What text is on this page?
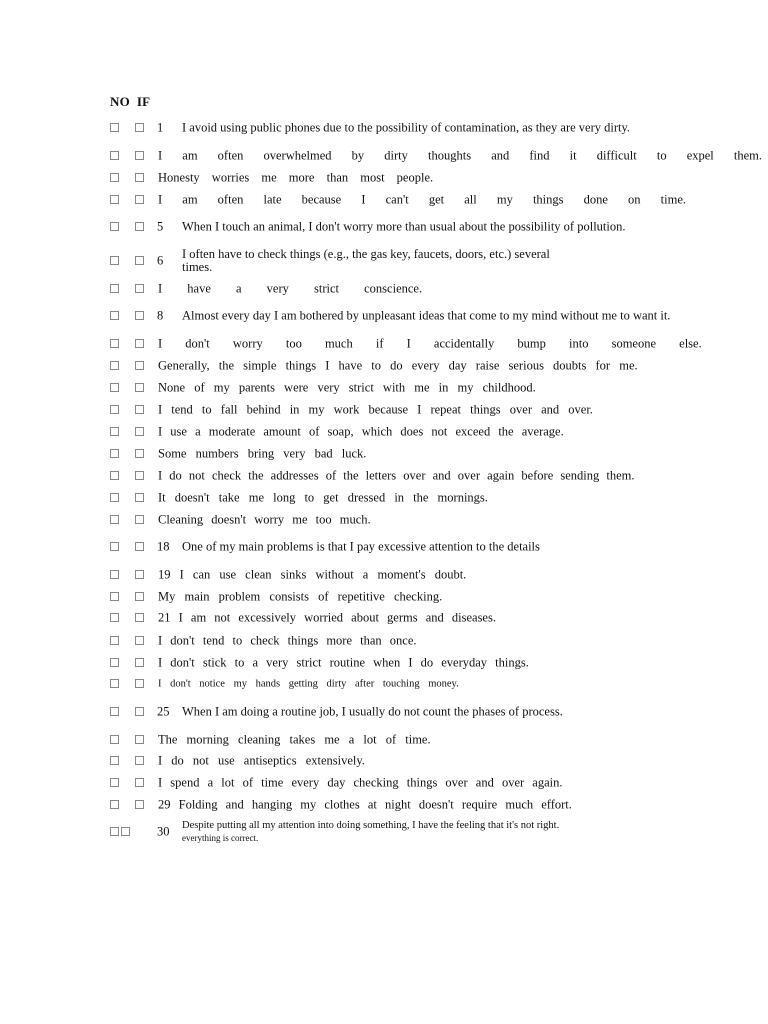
NO IF
1 I avoid using public phones due to the possibility of contamination, as they are very dirty.
I am often overwhelmed by dirty thoughts and find it difficult to expel them.
Honesty worries me more than most people.
I am often late because I can't get all my things done on time.
5 When I touch an animal, I don't worry more than usual about the possibility of pollution.
6 I often have to check things (e.g., the gas key, faucets, doors, etc.) several times.
I have a very strict conscience.
8 Almost every day I am bothered by unpleasant ideas that come to my mind without me to want it.
I don't worry too much if I accidentally bump into someone else.
Generally, the simple things I have to do every day raise serious doubts for me.
None of my parents were very strict with me in my childhood.
I tend to fall behind in my work because I repeat things over and over.
I use a moderate amount of soap, which does not exceed the average.
Some numbers bring very bad luck.
I do not check the addresses of the letters over and over again before sending them.
It doesn't take me long to get dressed in the mornings.
Cleaning doesn't worry me too much.
18 One of my main problems is that I pay excessive attention to the details
19 I can use clean sinks without a moment's doubt.
My main problem consists of repetitive checking.
21 I am not excessively worried about germs and diseases.
I don't tend to check things more than once.
I don't stick to a very strict routine when I do everyday things.
I don't notice my hands getting dirty after touching money.
25 When I am doing a routine job, I usually do not count the phases of process.
The morning cleaning takes me a lot of time.
I do not use antiseptics extensively.
I spend a lot of time every day checking things over and over again.
29 Folding and hanging my clothes at night doesn't require much effort.
30 Despite putting all my attention into doing something, I have the feeling that it's not right.
everything is correct.
